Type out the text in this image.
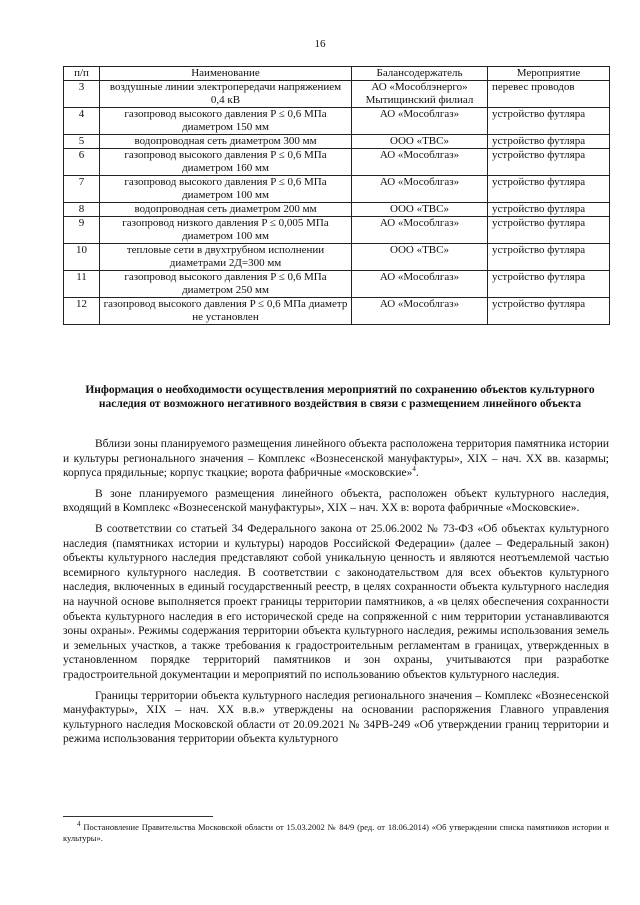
16
п/п	Наименование	Балансодержатель	Мероприятие
3	воздушные линии электропередачи напряжением 0,4 кВ	АО «Мособлэнерго» Мытищинский филиал	перевес проводов
4	газопровод высокого давления P ≤ 0,6 МПа диаметром 150 мм	АО «Мособлгаз»	устройство футляра
5	водопроводная сеть диаметром 300 мм	ООО «ТВС»	устройство футляра
6	газопровод высокого давления P ≤ 0,6 МПа диаметром 160 мм	АО «Мособлгаз»	устройство футляра
7	газопровод высокого давления P ≤ 0,6 МПа диаметром 100 мм	АО «Мособлгаз»	устройство футляра
8	водопроводная сеть диаметром 200 мм	ООО «ТВС»	устройство футляра
9	газопровод низкого давления P ≤ 0,005 МПа диаметром 100 мм	АО «Мособлгаз»	устройство футляра
10	тепловые сети в двухтрубном исполнении диаметрами 2Д=300 мм	ООО «ТВС»	устройство футляра
11	газопровод высокого давления P ≤ 0,6 МПа диаметром 250 мм	АО «Мособлгаз»	устройство футляра
12	газопровод высокого давления P ≤ 0,6 МПа диаметр не установлен	АО «Мособлгаз»	устройство футляра
Информация о необходимости осуществления мероприятий по сохранению объектов культурного наследия от возможного негативного воздействия в связи с размещением линейного объекта

Вблизи зоны планируемого размещения линейного объекта расположена территория памятника истории и культуры регионального значения – Комплекс «Вознесенской мануфактуры», XIX – нач. XX вв. казармы; корпуса прядильные; корпус ткацкие; ворота фабричные «московские»$^4$.

В зоне планируемого размещения линейного объекта, расположен объект культурного наследия, входящий в Комплекс «Вознесенской мануфактуры», XIX – нач. XX в: ворота фабричные «Московские».

В соответствии со статьей 34 Федерального закона от 25.06.2002 № 73-ФЗ «Об объектах культурного наследия (памятниках истории и культуры) народов Российской Федерации» (далее – Федеральный закон) объекты культурного наследия представляют собой уникальную ценность и являются неотъемлемой частью всемирного культурного наследия. В соответствии с законодательством для всех объектов культурного наследия, включенных в единый государственный реестр, в целях сохранности объекта культурного наследия на научной основе выполняется проект границы территории памятников, а «в целях обеспечения сохранности объекта культурного наследия в его исторической среде на сопряженной с ним территории устанавливаются зоны охраны». Режимы содержания территории объекта культурного наследия, режимы использования земель и земельных участков, а также требования к градостроительным регламентам в границах, утвержденных в установленном порядке территорий памятников и зон охраны, учитываются при разработке градостроительной документации и мероприятий по использованию объектов культурного наследия.

Границы территории объекта культурного наследия регионального значения – Комплекс «Вознесенской мануфактуры», XIX – нач. XX в.в.» утверждены на основании распоряжения Главного управления культурного наследия Московской области от 20.09.2021 № 34РВ-249 «Об утверждении границ территории и режима использования территории объекта культурного

$^4$ Постановление Правительства Московской области от 15.03.2002 № 84/9 (ред. от 18.06.2014) «Об утверждении списка памятников истории и культуры».
